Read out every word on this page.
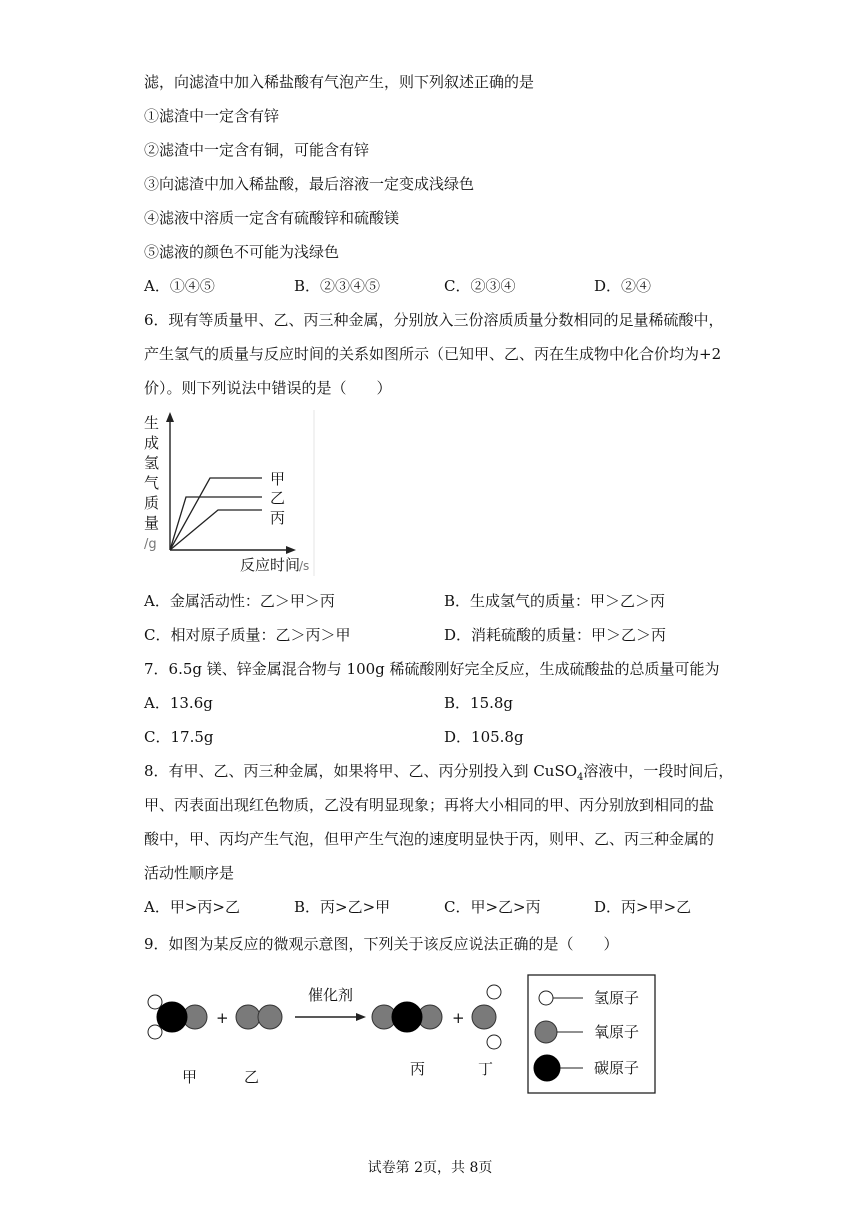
滤，向滤渣中加入稀盐酸有气泡产生，则下列叙述正确的是
①滤渣中一定含有锌
②滤渣中一定含有铜，可能含有锌
③向滤渣中加入稀盐酸，最后溶液一定变成浅绿色
④滤液中溶质一定含有硫酸锌和硫酸镁
⑤滤液的颜色不可能为浅绿色
A．①④⑤	B．②③④⑤	C．②③④	D．②④
6．现有等质量甲、乙、丙三种金属，分别放入三份溶质质量分数相同的足量稀硫酸中，
产生氢气的质量与反应时间的关系如图所示（已知甲、乙、丙在生成物中化合价均为+2
价）。则下列说法中错误的是（　　）
甲
乙
丙
生
成
氢
气
质
量
/g
反应时间
/s
A．金属活动性：乙＞甲＞丙	B．生成氢气的质量：甲＞乙＞丙
C．相对原子质量：乙＞丙＞甲	D．消耗硫酸的质量：甲＞乙＞丙
7．6.5g 镁、锌金属混合物与 100g 稀硫酸刚好完全反应，生成硫酸盐的总质量可能为
A．13.6g	B．15.8g
C．17.5g	D．105.8g
8．有甲、乙、丙三种金属，如果将甲、乙、丙分别投入到 CuSO$_4$溶液中，一段时间后，
甲、丙表面出现红色物质，乙没有明显现象；再将大小相同的甲、丙分别放到相同的盐
酸中，甲、丙均产生气泡，但甲产生气泡的速度明显快于丙，则甲、乙、丙三种金属的
活动性顺序是
A．甲>丙>乙	B．丙>乙>甲	C．甲>乙>丙	D．丙>甲>乙
9．如图为某反应的微观示意图，下列关于该反应说法正确的是（　　）
+
催化剂
+
甲	乙	丙	丁
氢原子
氧原子
碳原子
试卷第 2页，共 8页
